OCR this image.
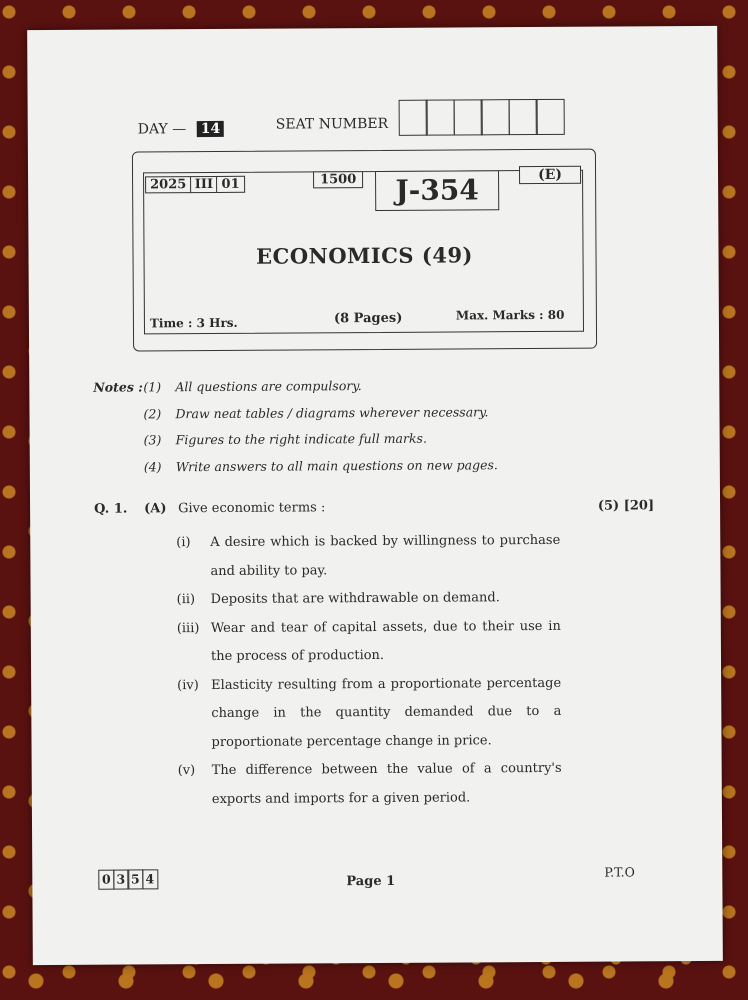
DAY — 14	SEAT NUMBER
2025 III 01	1500	J-354	(E)
ECONOMICS (49)
Time : 3 Hrs.	(8 Pages)	Max. Marks : 80
Notes : (1)	All questions are compulsory.
(2)	Draw neat tables / diagrams wherever necessary.
(3)	Figures to the right indicate full marks.
(4)	Write answers to all main questions on new pages.
Q. 1.	(A) Give economic terms :	(5) [20]
(i)	A desire which is backed by willingness to purchase and ability to pay.
(ii)	Deposits that are withdrawable on demand.
(iii) Wear and tear of capital assets, due to their use in the process of production.
(iv) Elasticity resulting from a proportionate percentage change in the quantity demanded due to a proportionate percentage change in price.
(v)	The difference between the value of a country's exports and imports for a given period.
0 3 5 4	Page 1
P.T.O
